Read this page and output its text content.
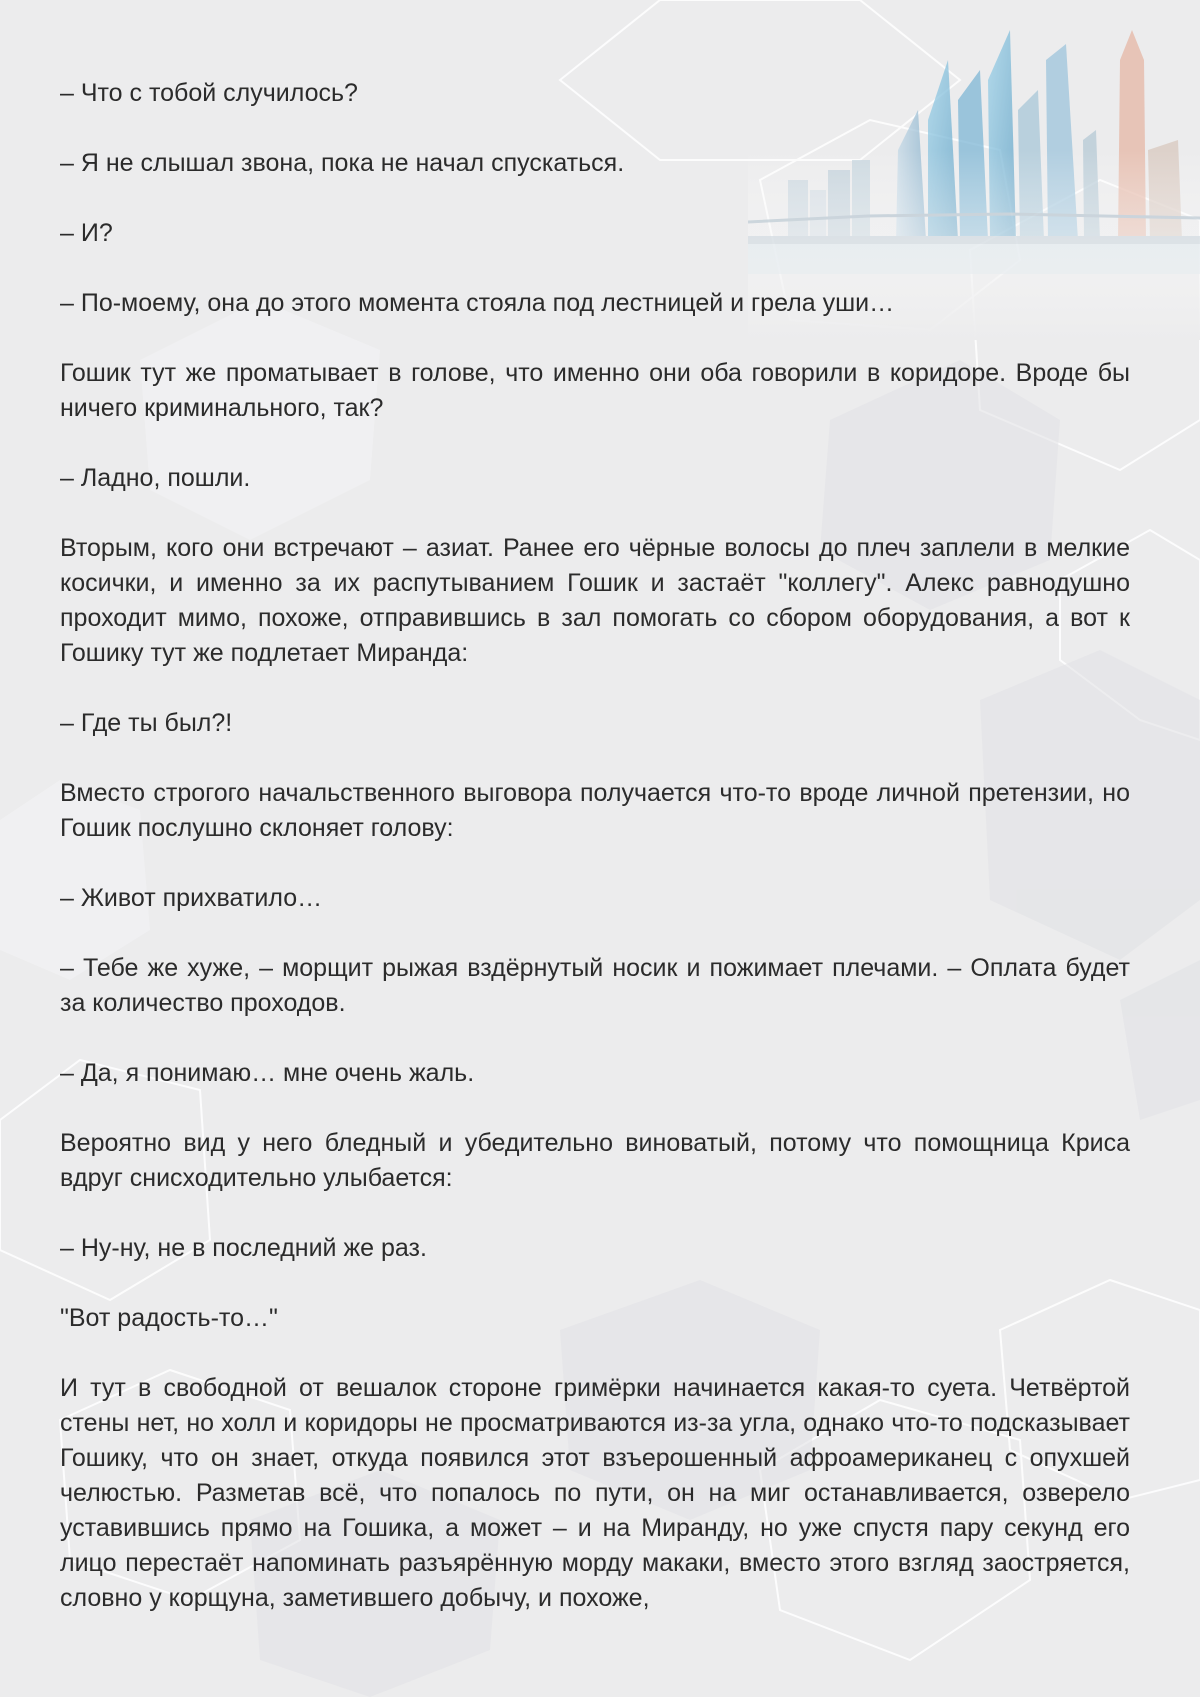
– Что с тобой случилось?

– Я не слышал звона, пока не начал спускаться.

– И?

– По-моему, она до этого момента стояла под лестницей и грела уши…

Гошик тут же проматывает в голове, что именно они оба говорили в коридоре. Вроде бы ничего криминального, так?

– Ладно, пошли.

Вторым, кого они встречают – азиат. Ранее его чёрные волосы до плеч заплели в мелкие косички, и именно за их распутыванием Гошик и застаёт "коллегу". Алекс равнодушно проходит мимо, похоже, отправившись в зал помогать со сбором оборудования, а вот к Гошику тут же подлетает Миранда:

– Где ты был?!

Вместо строгого начальственного выговора получается что-то вроде личной претензии, но Гошик послушно склоняет голову:

– Живот прихватило…

– Тебе же хуже, – морщит рыжая вздёрнутый носик и пожимает плечами. – Оплата будет за количество проходов.

– Да, я понимаю… мне очень жаль.

Вероятно вид у него бледный и убедительно виноватый, потому что помощница Криса вдруг снисходительно улыбается:

– Ну-ну, не в последний же раз.

"Вот радость-то…"

И тут в свободной от вешалок стороне гримёрки начинается какая-то суета. Четвёртой стены нет, но холл и коридоры не просматриваются из-за угла, однако что-то подсказывает Гошику, что он знает, откуда появился этот взъерошенный афроамериканец с опухшей челюстью. Разметав всё, что попалось по пути, он на миг останавливается, озверело уставившись прямо на Гошика, а может – и на Миранду, но уже спустя пару секунд его лицо перестаёт напоминать разъярённую морду макаки, вместо этого взгляд заостряется, словно у корщуна, заметившего добычу, и похоже,
